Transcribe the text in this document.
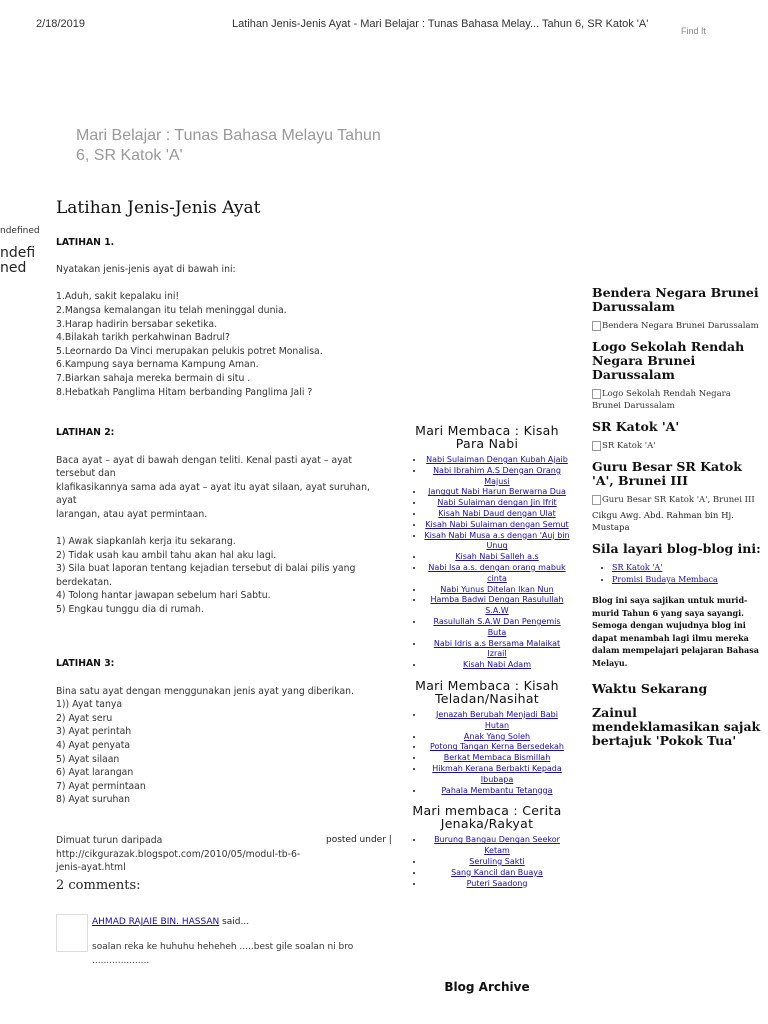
2/18/2019	Latihan Jenis-Jenis Ayat - Mari Belajar : Tunas Bahasa Melay... Tahun 6, SR Katok 'A'
Find It
Mari Belajar : Tunas Bahasa Melayu Tahun 6, SR Katok 'A'
ndefined
ndefi
ned
Latihan Jenis-Jenis Ayat

LATIHAN 1.

Nyatakan jenis-jenis ayat di bawah ini:

1.Aduh, sakit kepalaku ini!

2.Mangsa kemalangan itu telah meninggal dunia.

3.Harap hadirin bersabar seketika.

4.Bilakah tarikh perkahwinan Badrul?

5.Leornardo Da Vinci merupakan pelukis potret Monalisa.

6.Kampung saya bernama Kampung Aman.

7.Biarkan sahaja mereka bermain di situ .

8.Hebatkah Panglima Hitam berbanding Panglima Jali ?

LATIHAN 2:

Baca ayat – ayat di bawah dengan teliti. Kenal pasti ayat – ayat tersebut dan

klafikasikannya sama ada ayat – ayat itu ayat silaan, ayat suruhan, ayat

larangan, atau ayat permintaan.

1) Awak siapkanlah kerja itu sekarang.

2) Tidak usah kau ambil tahu akan hal aku lagi.

3) Sila buat laporan tentang kejadian tersebut di balai pilis yang berdekatan.

4) Tolong hantar jawapan sebelum hari Sabtu.

5) Engkau tunggu dia di rumah.

LATIHAN 3:

Bina satu ayat dengan menggunakan jenis ayat yang diberikan.

1)) Ayat tanya

2) Ayat seru

3) Ayat perintah

4) Ayat penyata

5) Ayat silaan

6) Ayat larangan

7) Ayat permintaan

8) Ayat suruhan

Dimuat turun daripada http://cikgurazak.blogspot.com/2010/05/modul-tb-6-

jenis-ayat.html

posted under |
2 comments:
AHMAD RAJAIE BIN. HASSAN said...
soalan reka ke huhuhu heheheh .....best gile soalan ni bro
....................
Mari Membaca : Kisah Para Nabi
• Nabi Sulaiman Dengan Kubah Ajaib
• Nabi Ibrahim A.S Dengan Orang Majusi
• Janggut Nabi Harun Berwarna Dua
• Nabi Sulaiman dengan Jin Ifrit
• Kisah Nabi Daud dengan Ulat
• Kisah Nabi Sulaiman dengan Semut
• Kisah Nabi Musa a.s dengan 'Auj bin Unuq
• Kisah Nabi Salleh a.s
• Nabi Isa a.s. dengan orang mabuk cinta
• Nabi Yunus Ditelan Ikan Nun
• Hamba Badwi Dengan Rasulullah S.A.W
• Rasulullah S.A.W Dan Pengemis Buta
• Nabi Idris a.s Bersama Malaikat Izrail
• Kisah Nabi Adam
Mari Membaca : Kisah Teladan/Nasihat
• Jenazah Berubah Menjadi Babi Hutan
• Anak Yang Soleh
• Potong Tangan Kerna Bersedekah
• Berkat Membaca Bismillah
• Hikmah Kerana Berbakti Kepada Ibubapa
• Pahala Membantu Tetangga
Mari membaca : Cerita Jenaka/Rakyat
• Burung Bangau Dengan Seekor Ketam
• Seruling Sakti
• Sang Kancil dan Buaya
• Puteri Saadong
Blog Archive
Bendera Negara Brunei Darussalam
Bendera Negara Brunei Darussalam
Logo Sekolah Rendah Negara Brunei Darussalam
Logo Sekolah Rendah Negara Brunei Darussalam
SR Katok 'A'
SR Katok 'A'
Guru Besar SR Katok 'A', Brunei III
Guru Besar SR Katok 'A', Brunei III
Cikgu Awg. Abd. Rahman bin Hj. Mustapa
Sila layari blog-blog ini:
• SR Katok 'A'
• Promisi Budaya Membaca
Blog ini saya sajikan untuk murid-murid Tahun 6 yang saya sayangi. Semoga dengan wujudnya blog ini dapat menambah lagi ilmu mereka dalam mempelajari pelajaran Bahasa Melayu.
Waktu Sekarang
Zainul mendeklamasikan sajak bertajuk 'Pokok Tua'
